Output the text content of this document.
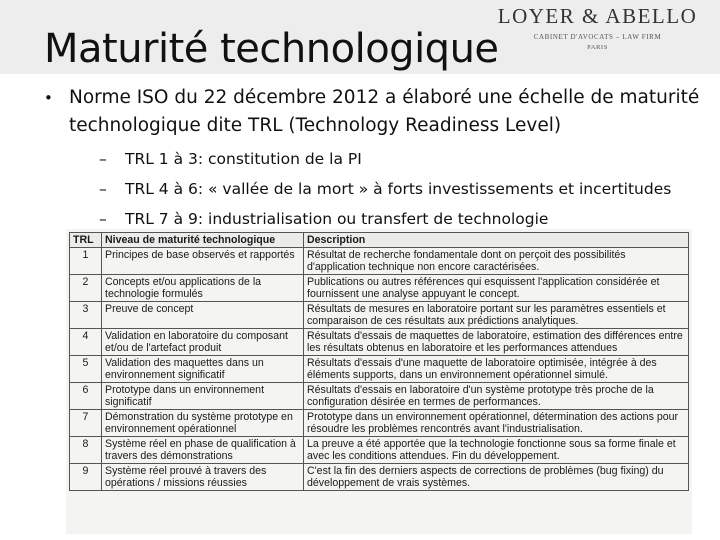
Maturité technologique
LOYER & ABELLO
CABINET D'AVOCATS – LAW FIRM
PARIS
• Norme ISO du 22 décembre 2012 a élaboré une échelle de maturité technologique dite TRL (Technology Readiness Level)
– TRL 1 à 3: constitution de la PI
– TRL 4 à 6: « vallée de la mort » à forts investissements et incertitudes
– TRL 7 à 9: industrialisation ou transfert de technologie
TRL	Niveau de maturité technologique	Description
1	Principes de base observés et rapportés	Résultat de recherche fondamentale dont on perçoit des possibilités d'application technique non encore caractérisées.
2	Concepts et/ou applications de la technologie formulés	Publications ou autres références qui esquissent l'application considérée et fournissent une analyse appuyant le concept.
3	Preuve de concept	Résultats de mesures en laboratoire portant sur les paramètres essentiels et comparaison de ces résultats aux prédictions analytiques.
4	Validation en laboratoire du composant et/ou de l'artefact produit	Résultats d'essais de maquettes de laboratoire, estimation des différences entre les résultats obtenus en laboratoire et les performances attendues
5	Validation des maquettes dans un environnement significatif	Résultats d'essais d'une maquette de laboratoire optimisée, intégrée à des éléments supports, dans un environnement opérationnel simulé.
6	Prototype dans un environnement significatif	Résultats d'essais en laboratoire d'un système prototype très proche de la configuration désirée en termes de performances.
7	Démonstration du système prototype en environnement opérationnel	Prototype dans un environnement opérationnel, détermination des actions pour résoudre les problèmes rencontrés avant l'industrialisation.
8	Système réel en phase de qualification à travers des démonstrations	La preuve a été apportée que la technologie fonctionne sous sa forme finale et avec les conditions attendues. Fin du développement.
9	Système réel prouvé à travers des opérations / missions réussies	C'est la fin des derniers aspects de corrections de problèmes (bug fixing) du développement de vrais systèmes.
